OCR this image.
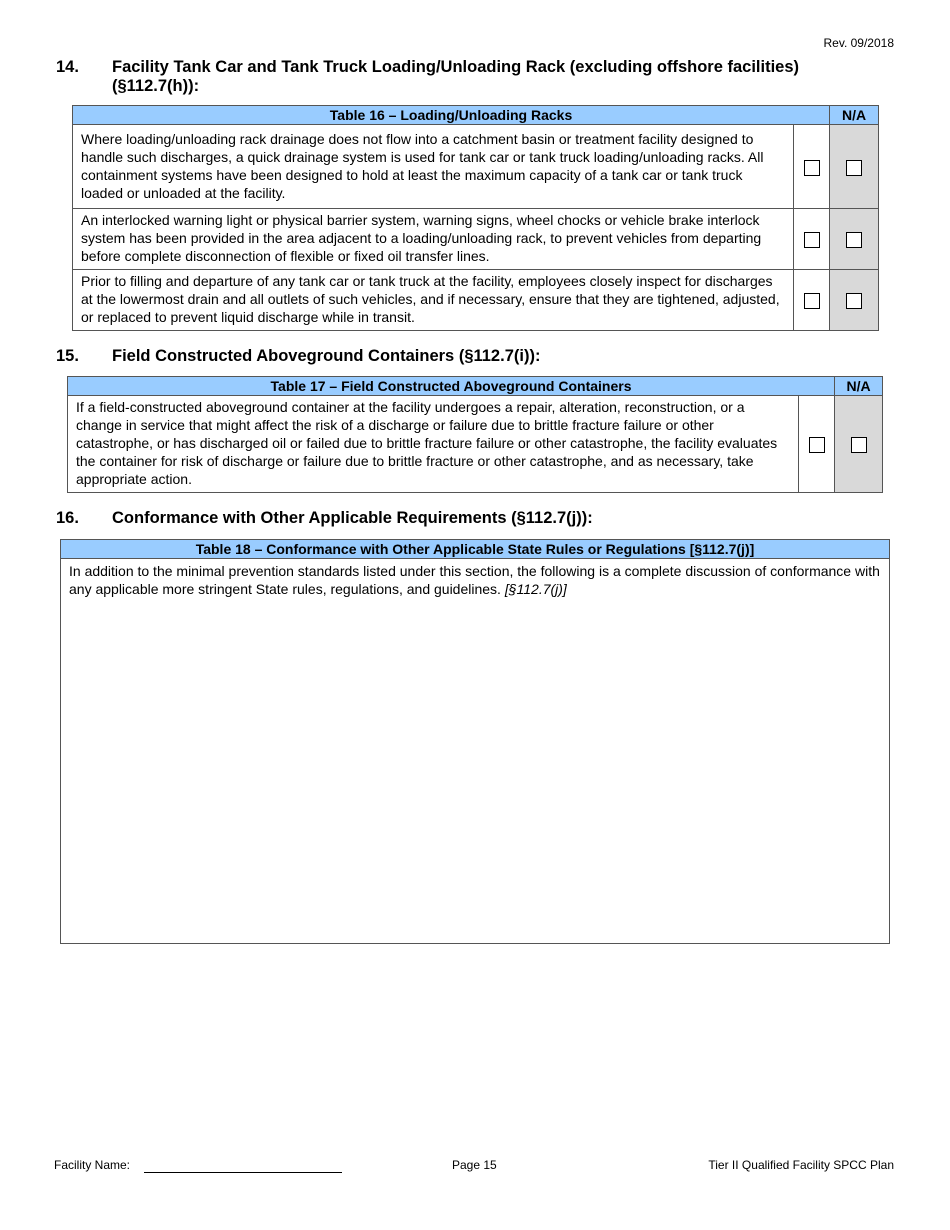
Rev. 09/2018
14. Facility Tank Car and Tank Truck Loading/Unloading Rack (excluding offshore facilities)
(§112.7(h)):
Table 16 – Loading/Unloading Racks		N/A
Where loading/unloading rack drainage does not flow into a catchment basin or treatment facility designed to handle such discharges, a quick drainage system is used for tank car or tank truck loading/unloading racks. All containment systems have been designed to hold at least the maximum capacity of a tank car or tank truck loaded or unloaded at the facility.		
An interlocked warning light or physical barrier system, warning signs, wheel chocks or vehicle brake interlock system has been provided in the area adjacent to a loading/unloading rack, to prevent vehicles from departing before complete disconnection of flexible or fixed oil transfer lines.		
Prior to filling and departure of any tank car or tank truck at the facility, employees closely inspect for discharges at the lowermost drain and all outlets of such vehicles, and if necessary, ensure that they are tightened, adjusted, or replaced to prevent liquid discharge while in transit.		
15. Field Constructed Aboveground Containers (§112.7(i)):
Table 17 – Field Constructed Aboveground Containers		N/A
If a field-constructed aboveground container at the facility undergoes a repair, alteration, reconstruction, or a change in service that might affect the risk of a discharge or failure due to brittle fracture failure or other catastrophe, or has discharged oil or failed due to brittle fracture failure or other catastrophe, the facility evaluates the container for risk of discharge or failure due to brittle fracture or other catastrophe, and as necessary, take appropriate action.		
16. Conformance with Other Applicable Requirements (§112.7(j)):
Table 18 – Conformance with Other Applicable State Rules or Regulations [§112.7(j)]
In addition to the minimal prevention standards listed under this section, the following is a complete discussion of conformance with any applicable more stringent State rules, regulations, and guidelines. [§112.7(j)]
Facility Name:	Page 15	Tier II Qualified Facility SPCC Plan
